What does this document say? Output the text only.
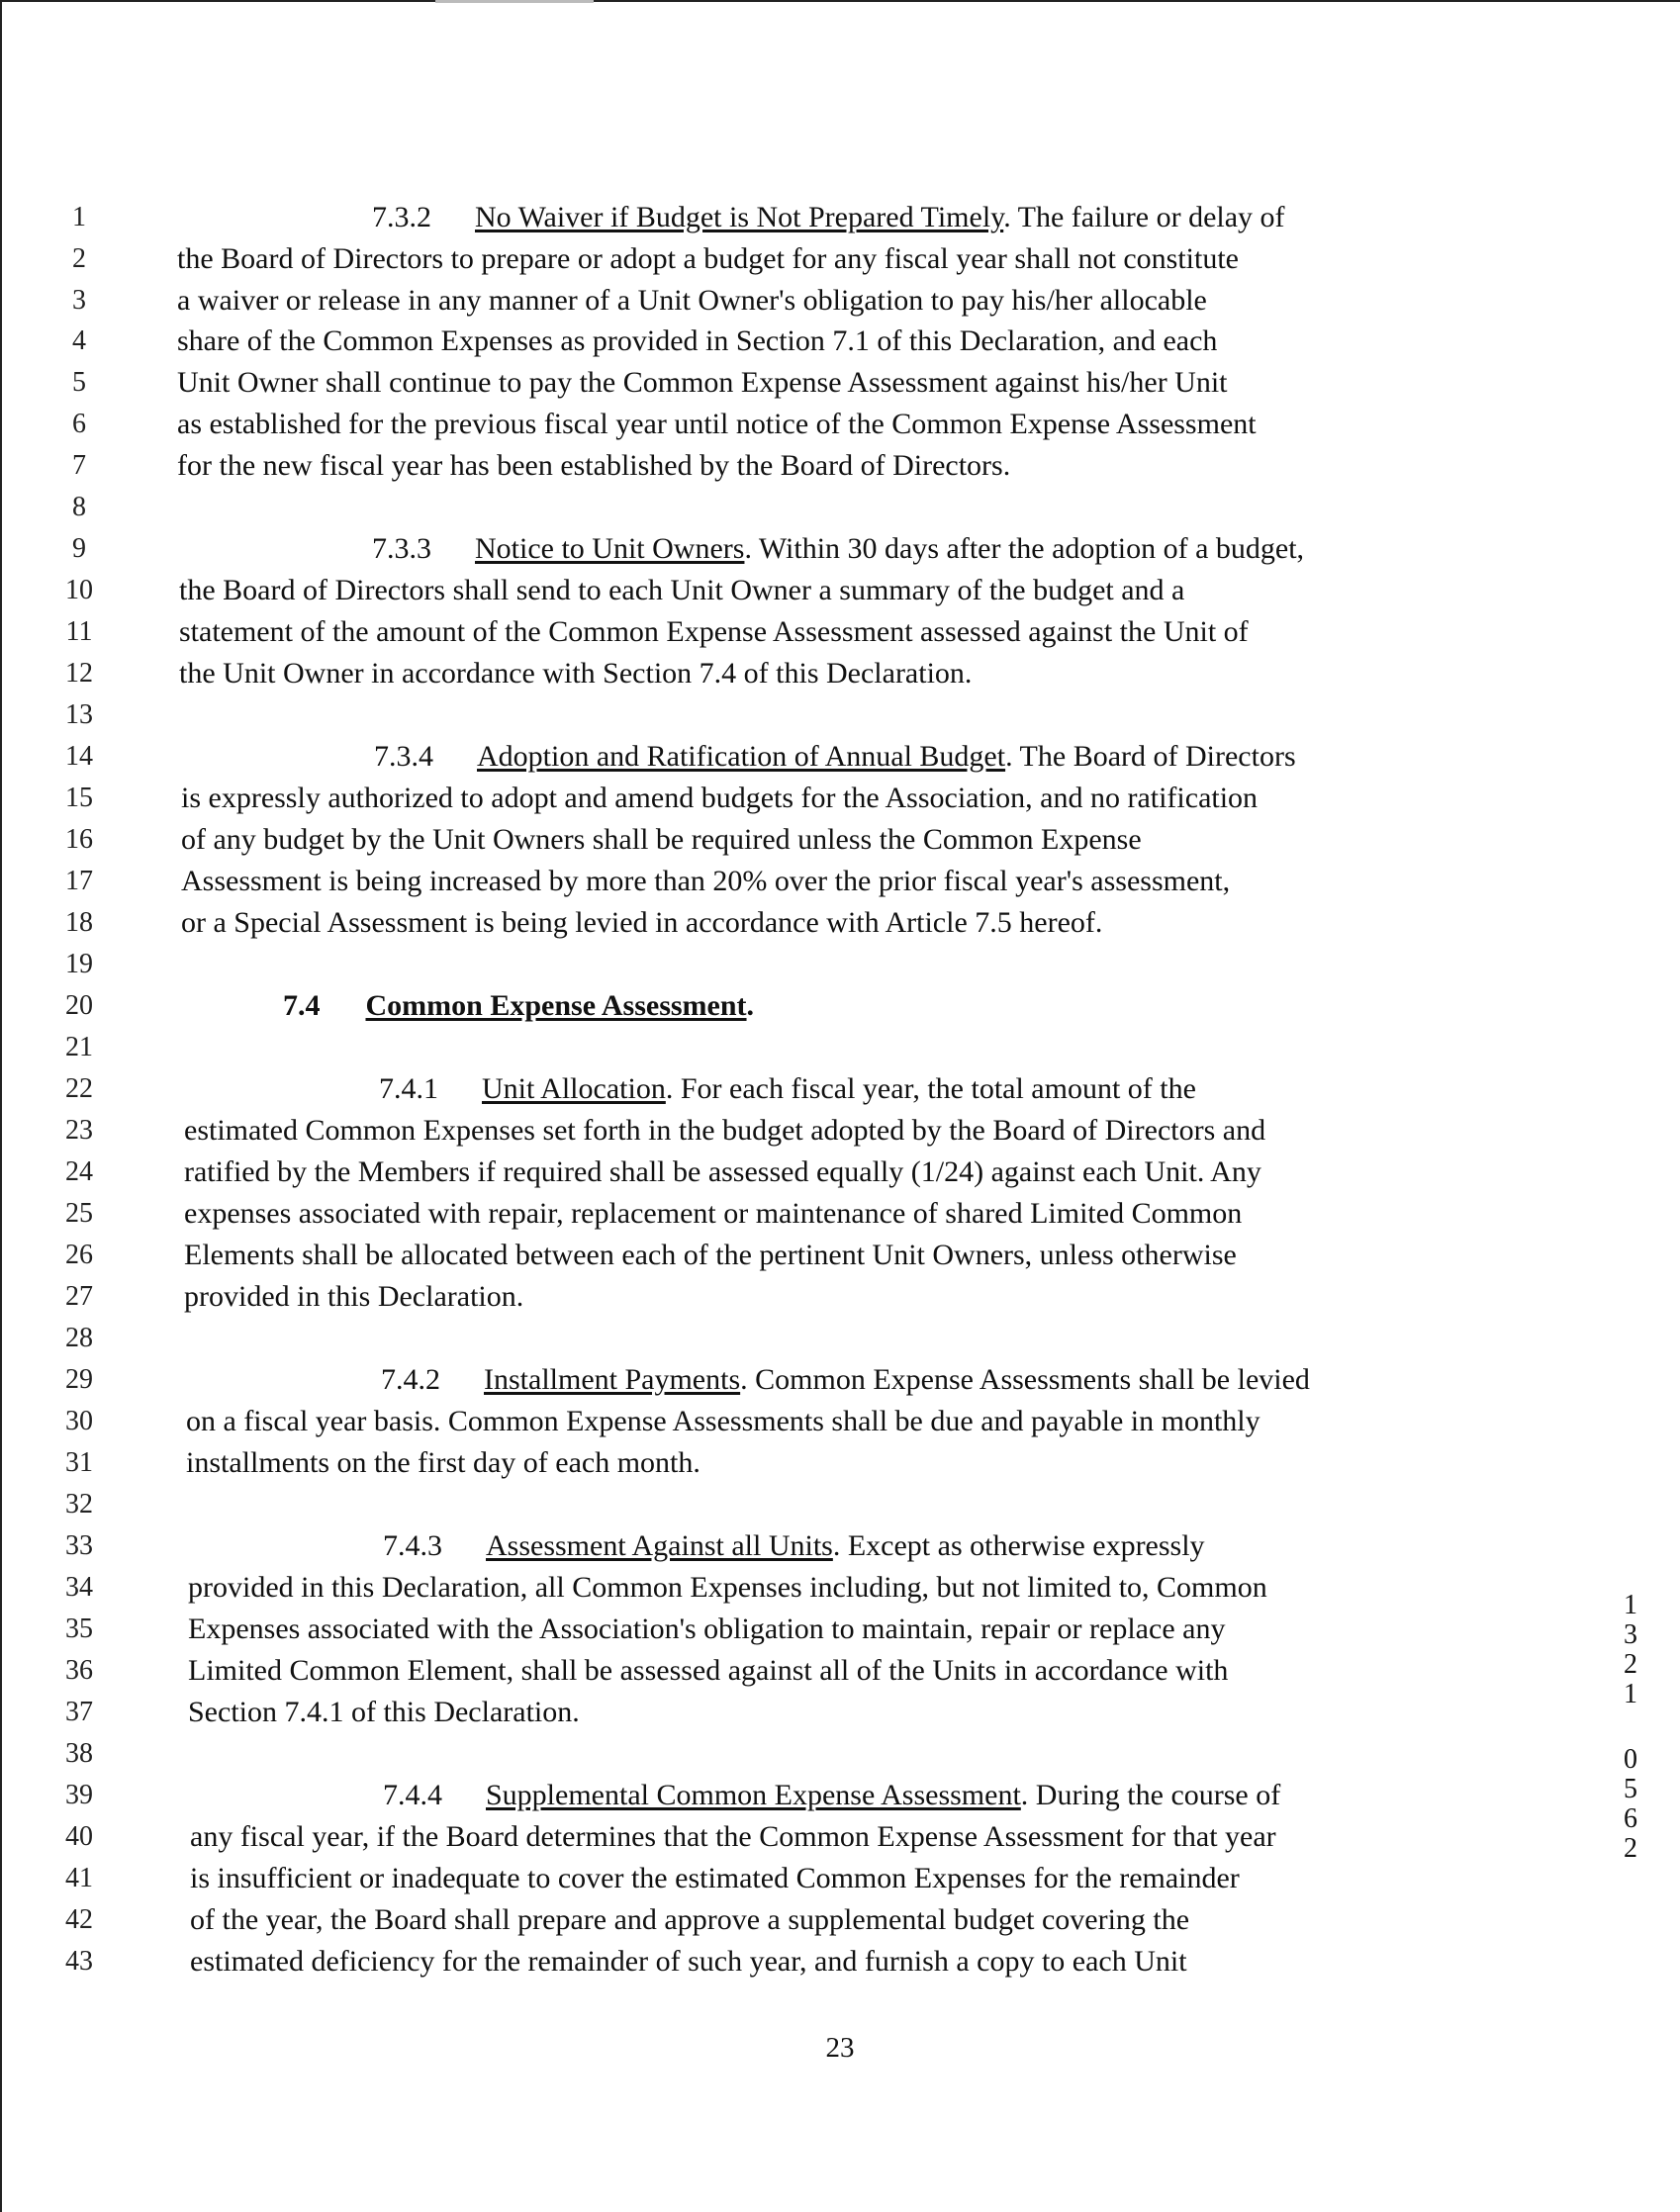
1
2
3
4
5
6
7
8
9
10
11
12
13
14
15
16
17
18
19
20
21
22
23
24
25
26
27
28
29
30
31
32
33
34
35
36
37
38
39
40
41
42
43
7.3.2 No Waiver if Budget is Not Prepared Timely. The failure or delay of
the Board of Directors to prepare or adopt a budget for any fiscal year shall not constitute
a waiver or release in any manner of a Unit Owner's obligation to pay his/her allocable
share of the Common Expenses as provided in Section 7.1 of this Declaration, and each
Unit Owner shall continue to pay the Common Expense Assessment against his/her Unit
as established for the previous fiscal year until notice of the Common Expense Assessment
for the new fiscal year has been established by the Board of Directors.
7.3.3 Notice to Unit Owners. Within 30 days after the adoption of a budget,
the Board of Directors shall send to each Unit Owner a summary of the budget and a
statement of the amount of the Common Expense Assessment assessed against the Unit of
the Unit Owner in accordance with Section 7.4 of this Declaration.
7.3.4 Adoption and Ratification of Annual Budget. The Board of Directors
is expressly authorized to adopt and amend budgets for the Association, and no ratification
of any budget by the Unit Owners shall be required unless the Common Expense
Assessment is being increased by more than 20% over the prior fiscal year's assessment,
or a Special Assessment is being levied in accordance with Article 7.5 hereof.
7.4 Common Expense Assessment.
7.4.1 Unit Allocation. For each fiscal year, the total amount of the
estimated Common Expenses set forth in the budget adopted by the Board of Directors and
ratified by the Members if required shall be assessed equally (1/24) against each Unit. Any
expenses associated with repair, replacement or maintenance of shared Limited Common
Elements shall be allocated between each of the pertinent Unit Owners, unless otherwise
provided in this Declaration.
7.4.2 Installment Payments. Common Expense Assessments shall be levied
on a fiscal year basis. Common Expense Assessments shall be due and payable in monthly
installments on the first day of each month.
7.4.3 Assessment Against all Units. Except as otherwise expressly
provided in this Declaration, all Common Expenses including, but not limited to, Common
Expenses associated with the Association's obligation to maintain, repair or replace any
Limited Common Element, shall be assessed against all of the Units in accordance with
Section 7.4.1 of this Declaration.
7.4.4 Supplemental Common Expense Assessment. During the course of
any fiscal year, if the Board determines that the Common Expense Assessment for that year
is insufficient or inadequate to cover the estimated Common Expenses for the remainder
of the year, the Board shall prepare and approve a supplemental budget covering the
estimated deficiency for the remainder of such year, and furnish a copy to each Unit
23
1
3
2
1
0
5
6
2
